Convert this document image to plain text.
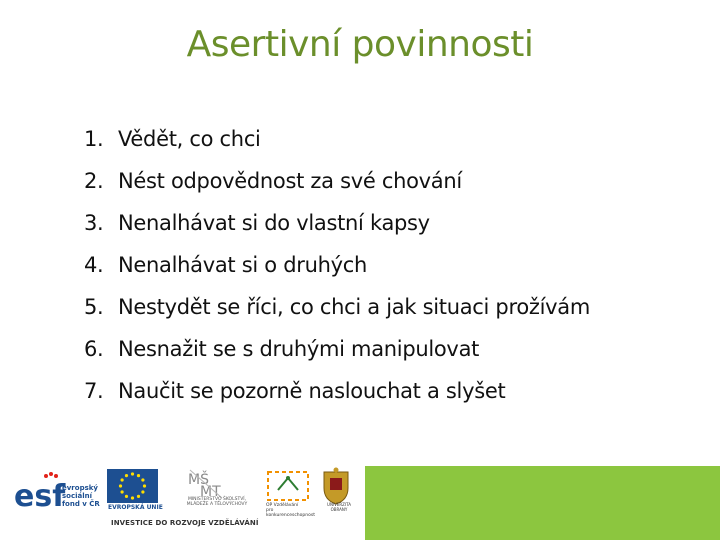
Asertivní povinnosti
1. Vědět, co chci
2. Nést odpovědnost za své chování
3. Nenalhávat si do vlastní kapsy
4. Nenalhávat si o druhých
5. Nestydět se říci, co chci a jak situaci prožívám
6. Nesnažit se s druhými manipulovat
7. Naučit se pozorně naslouchat a slyšet
esf	MŠ
MT
evropský
sociální
fond v ČR EVROPSKÁ UNIE
MINISTERSTVO ŠKOLSTVÍ,
MLÁDEŽE A TĚLOVÝCHOVY	OP Vzdělávání
pro konkurenceschopnost
UNIVERZITA
OBRANY
INVESTICE DO ROZVOJE VZDĚLÁVÁNÍ
